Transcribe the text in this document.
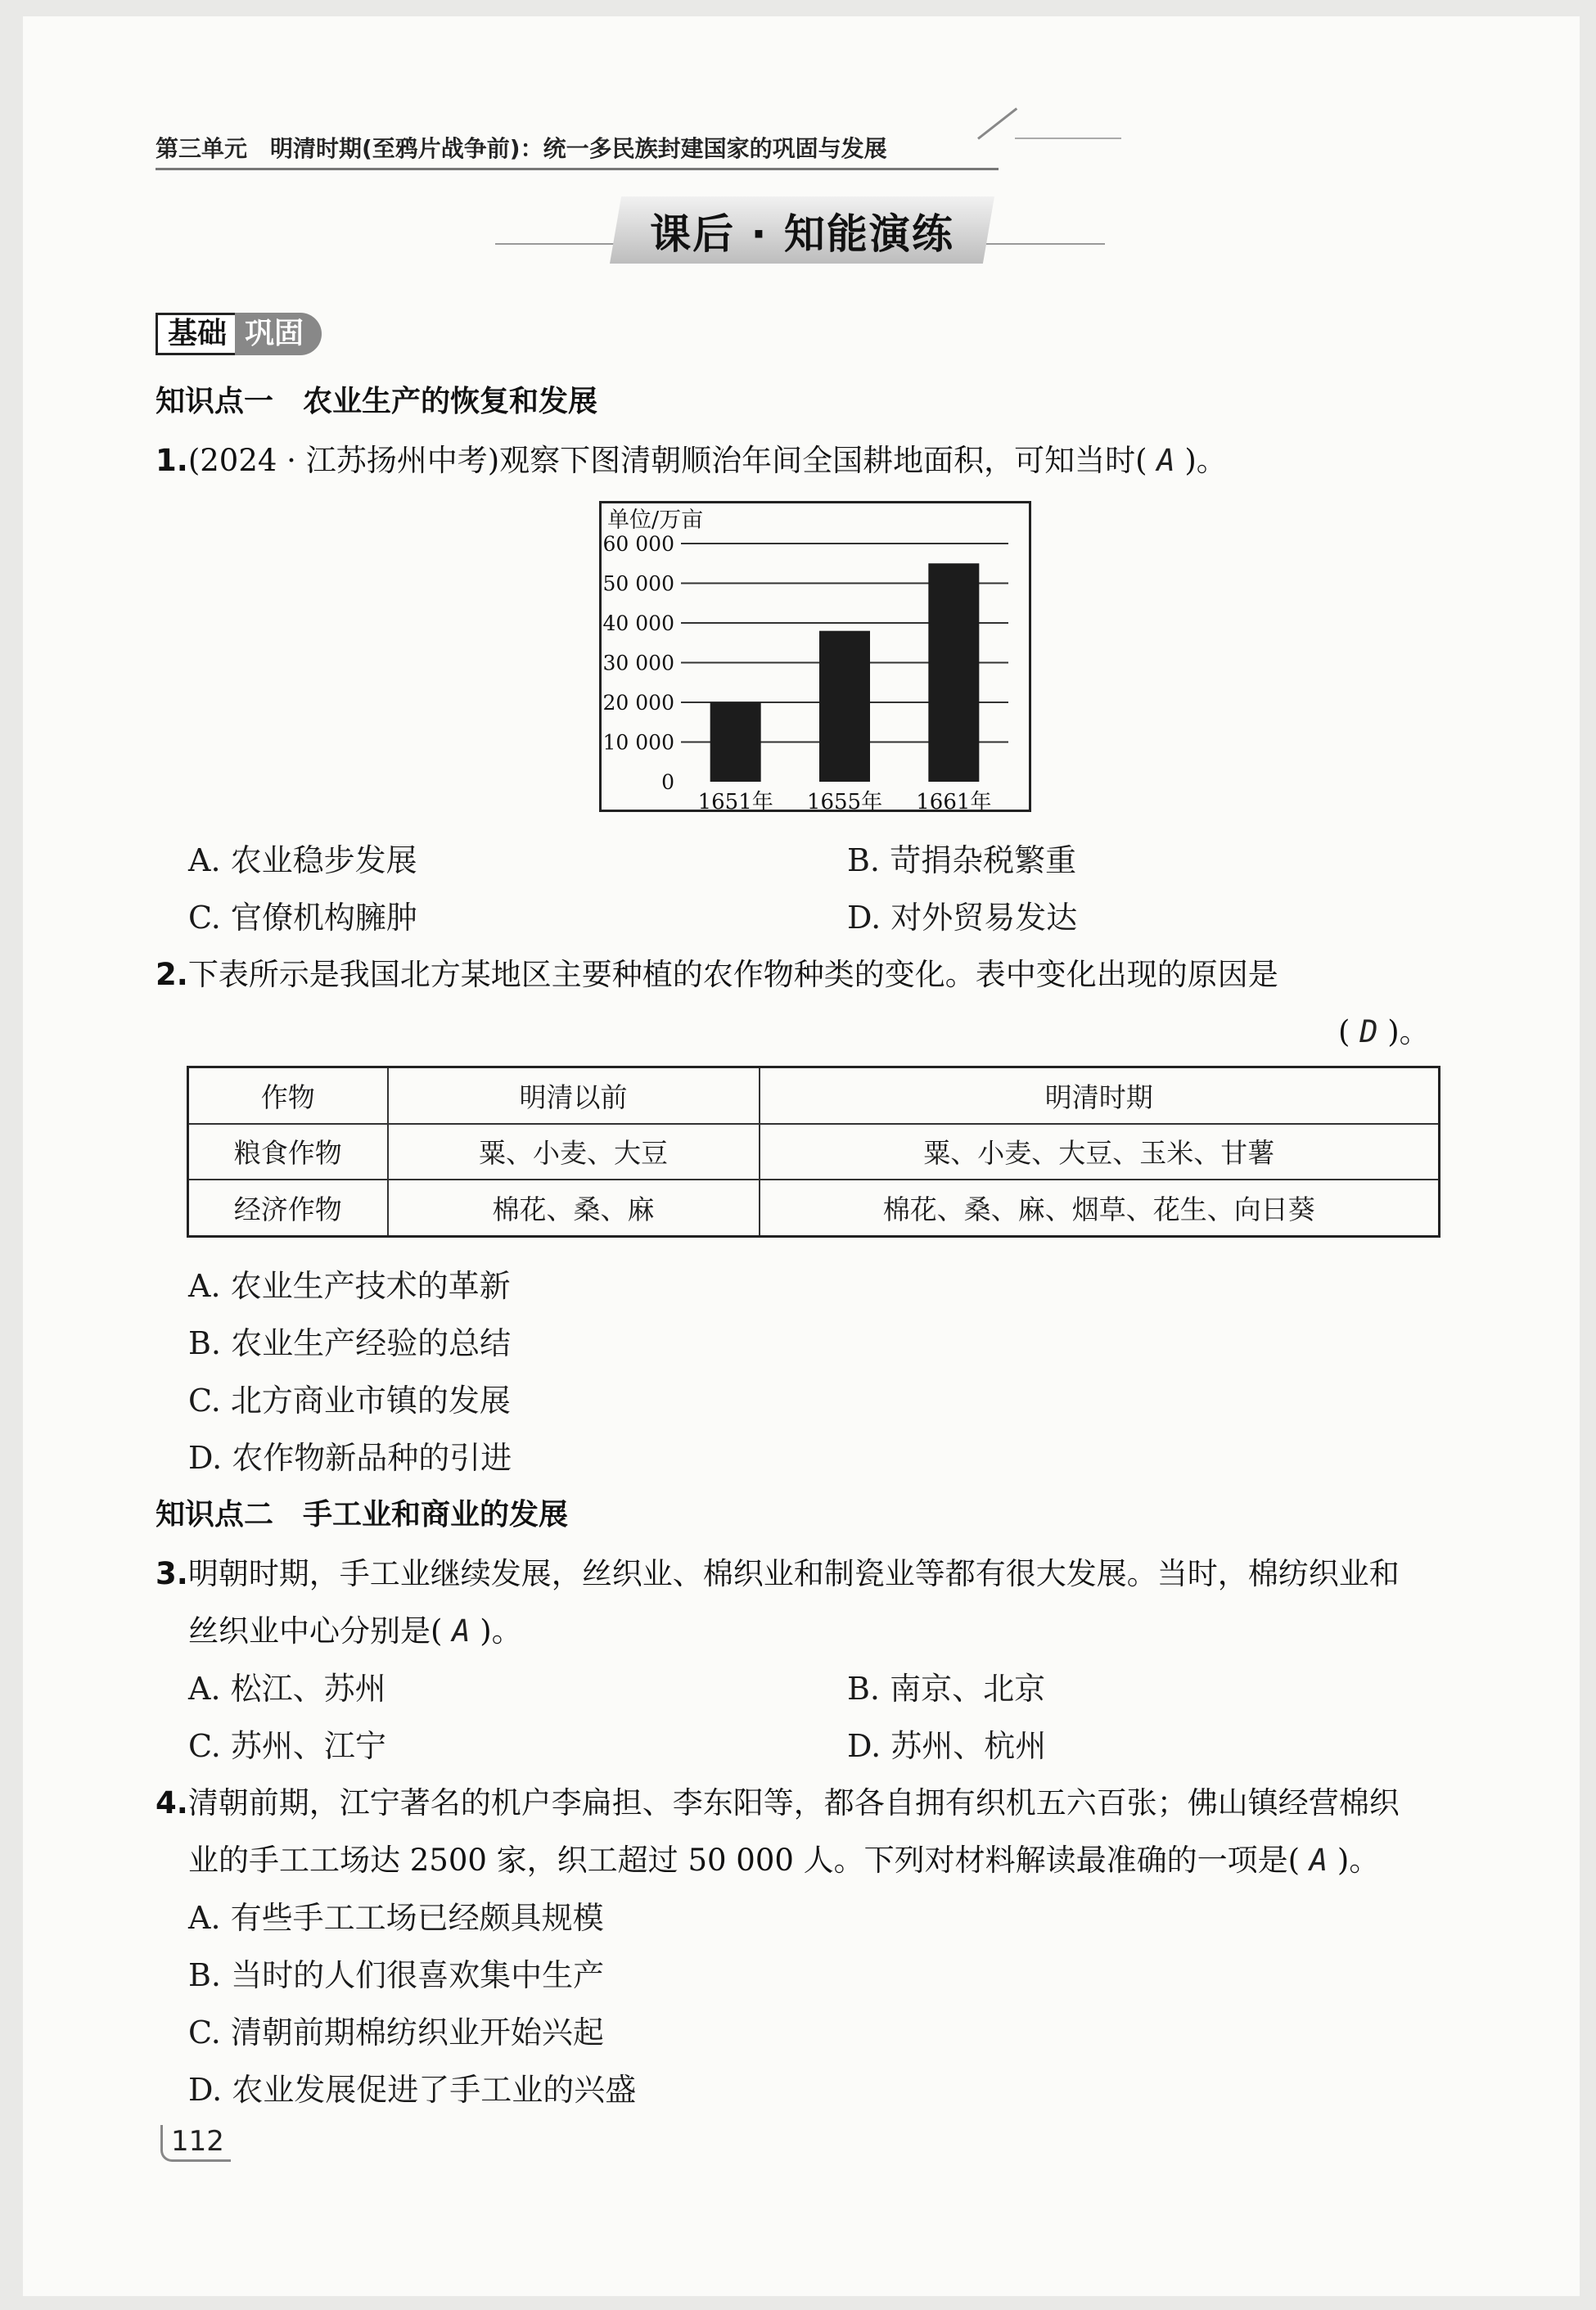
第三单元　明清时期(至鸦片战争前)：统一多民族封建国家的巩固与发展
课后 · 知能演练
基础 巩固
知识点一　农业生产的恢复和发展
1.(2024 · 江苏扬州中考)观察下图清朝顺治年间全国耕地面积，可知当时( A )。
单位/万亩
0
10 000
20 000
30 000
40 000
50 000
60 000
1651年 1655年 1661年
A. 农业稳步发展	B. 苛捐杂税繁重
C. 官僚机构臃肿	D. 对外贸易发达
2.下表所示是我国北方某地区主要种植的农作物种类的变化。表中变化出现的原因是
( D )。
作物	明清以前	明清时期
粮食作物	粟、小麦、大豆	粟、小麦、大豆、玉米、甘薯
经济作物	棉花、桑、麻	棉花、桑、麻、烟草、花生、向日葵
A. 农业生产技术的革新
B. 农业生产经验的总结
C. 北方商业市镇的发展
D. 农作物新品种的引进
知识点二　手工业和商业的发展
3.明朝时期，手工业继续发展，丝织业、棉织业和制瓷业等都有很大发展。当时，棉纺织业和
丝织业中心分别是( A )。
A. 松江、苏州	B. 南京、北京
C. 苏州、江宁	D. 苏州、杭州
4.清朝前期，江宁著名的机户李扁担、李东阳等，都各自拥有织机五六百张；佛山镇经营棉织
业的手工工场达 2500 家，织工超过 50 000 人。下列对材料解读最准确的一项是( A )。
A. 有些手工工场已经颇具规模
B. 当时的人们很喜欢集中生产
C. 清朝前期棉纺织业开始兴起
D. 农业发展促进了手工业的兴盛
112
